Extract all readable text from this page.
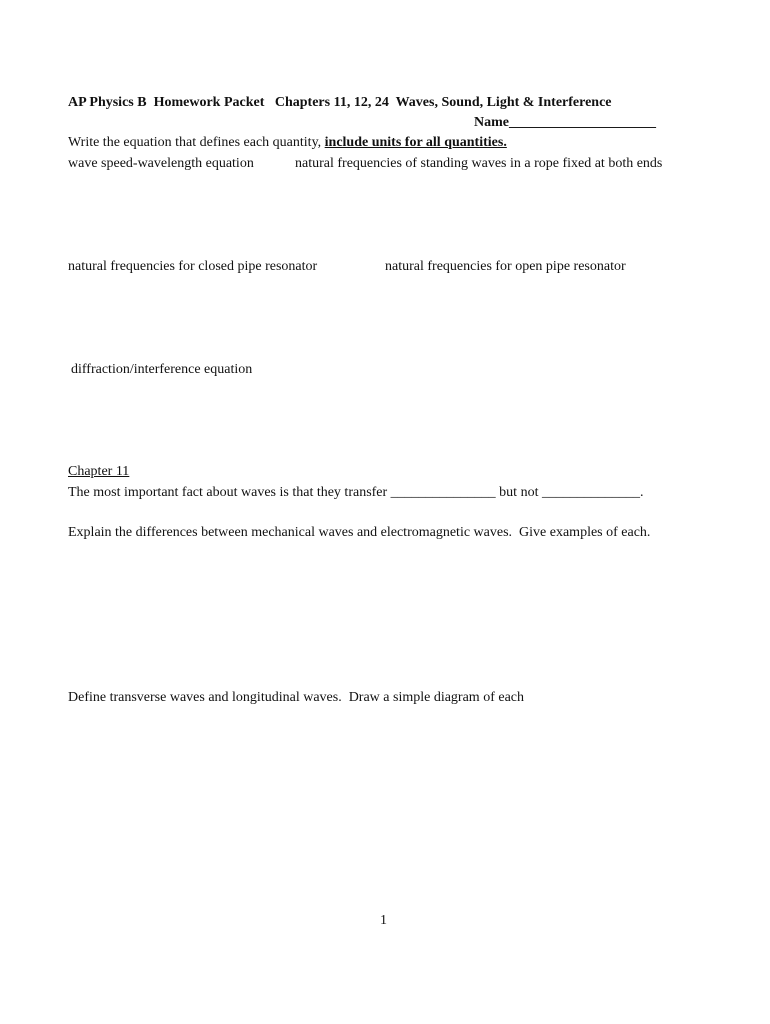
AP Physics B  Homework Packet   Chapters 11, 12, 24  Waves, Sound, Light & Interference
Name_____________________
Write the equation that defines each quantity, include units for all quantities.
wave speed-wavelength equation	natural frequencies of standing waves in a rope fixed at both ends
natural frequencies for closed pipe resonator	natural frequencies for open pipe resonator
diffraction/interference equation
Chapter 11
The most important fact about waves is that they transfer _______________ but not ______________.
Explain the differences between mechanical waves and electromagnetic waves.  Give examples of each.
Define transverse waves and longitudinal waves.  Draw a simple diagram of each
1
